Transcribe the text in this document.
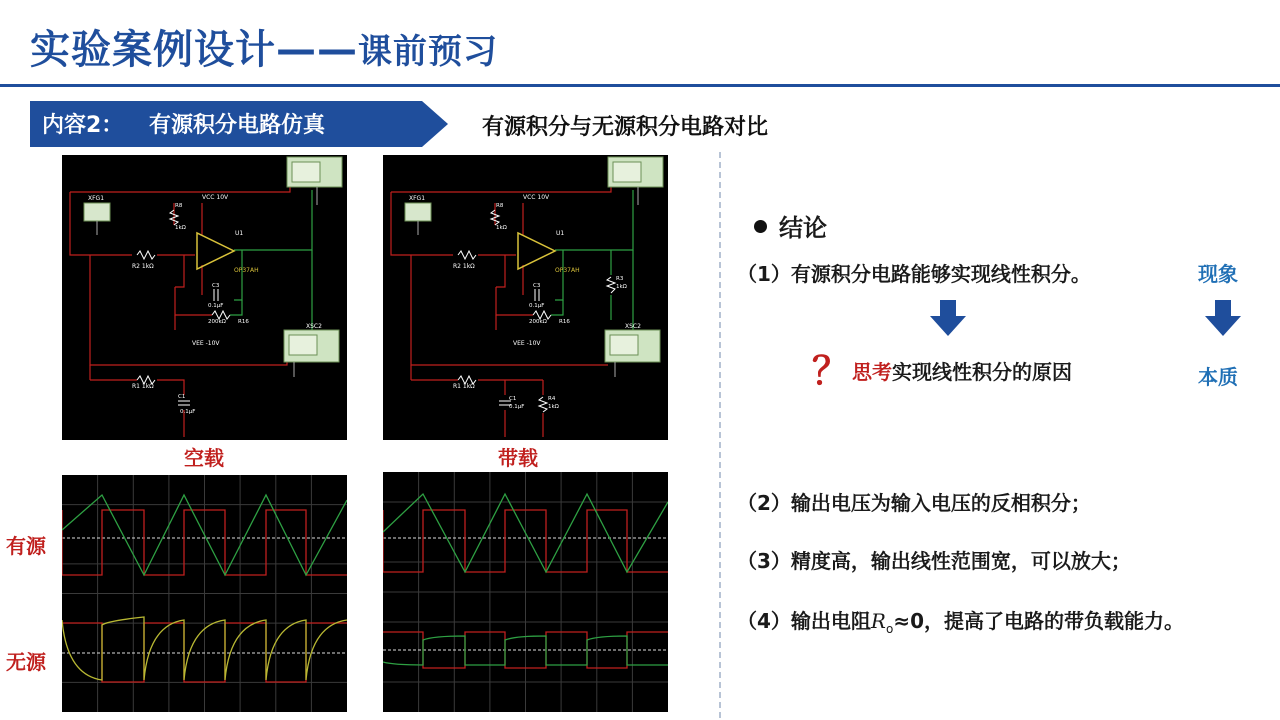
实验案例设计——课前预习
内容2： 有源积分电路仿真	有源积分与无源积分电路对比
XFG1	VCC 10V
R8
1kΩ
U1
OP37AH
R2 1kΩ
C3
0.1µF
200kΩ R16
VEE -10V
XSC2
R1 1kΩ
C1
0.1µF
XFG1	VCC 10V
R8
1kΩ
U1
OP37AH
R2 1kΩ
C3
0.1µF
200kΩ R16
R3
1kΩ
VEE -10V
XSC2
R1 1kΩ
C1
0.1µF
R4
1kΩ
空载	带载
有源
无源
结论
（1）有源积分电路能够实现线性积分。	现象
？ 思考实现线性积分的原因	本质
（2）输出电压为输入电压的反相积分；
（3）精度高，输出线性范围宽，可以放大；
（4）输出电阻$R_o\approx 0$，提高了电路的带负载能力。
